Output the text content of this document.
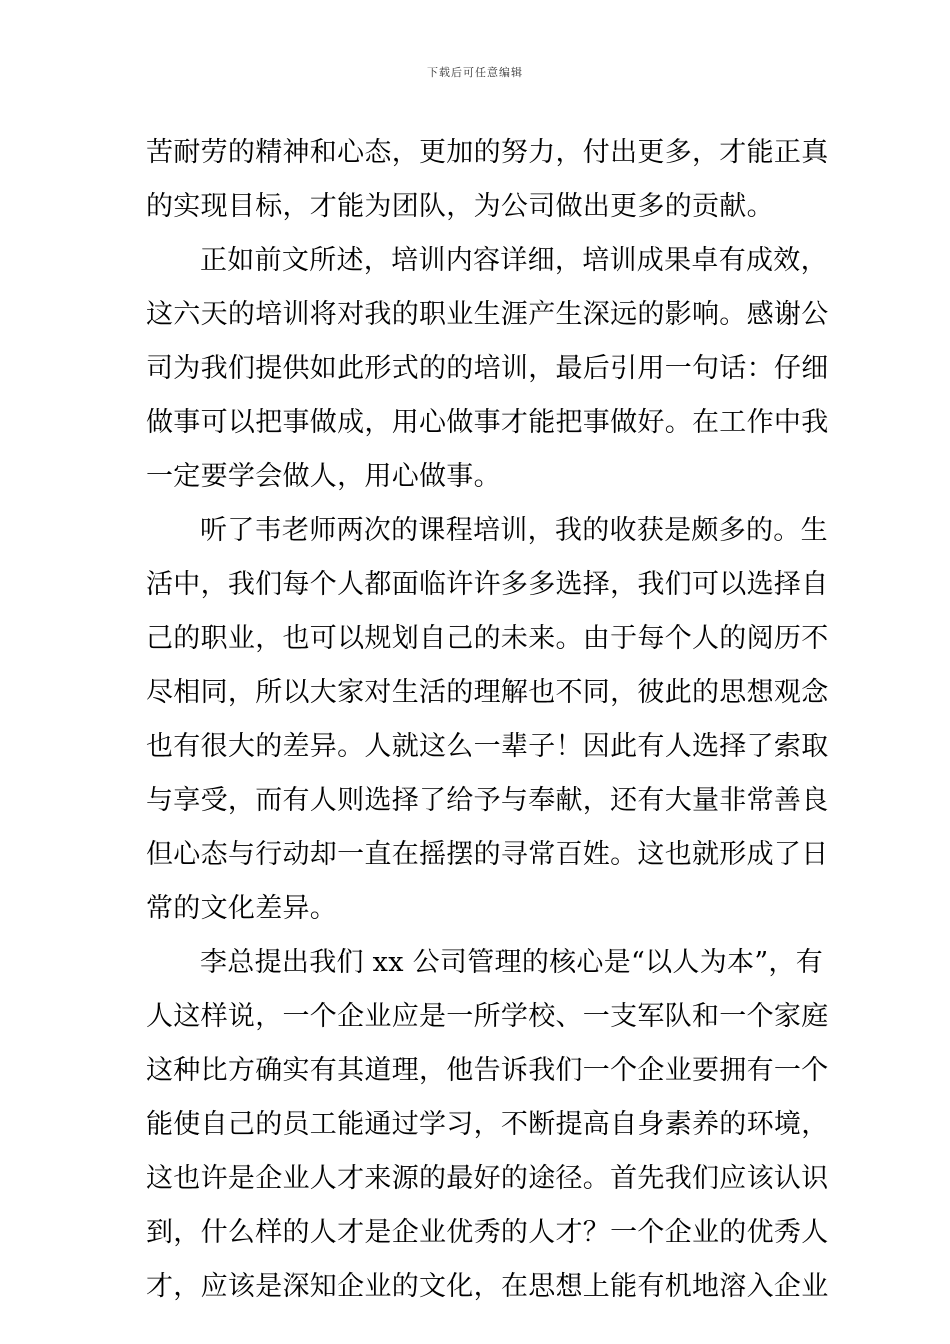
下载后可任意编辑
苦耐劳的精神和心态，更加的努力，付出更多，才能正真
的实现目标，才能为团队，为公司做出更多的贡献。
正如前文所述，培训内容详细，培训成果卓有成效，
这六天的培训将对我的职业生涯产生深远的影响。感谢公
司为我们提供如此形式的的培训，最后引用一句话：仔细
做事可以把事做成，用心做事才能把事做好。在工作中我
一定要学会做人，用心做事。
听了韦老师两次的课程培训，我的收获是颇多的。生
活中，我们每个人都面临许许多多选择，我们可以选择自
己的职业，也可以规划自己的未来。由于每个人的阅历不
尽相同，所以大家对生活的理解也不同，彼此的思想观念
也有很大的差异。人就这么一辈子！因此有人选择了索取
与享受，而有人则选择了给予与奉献，还有大量非常善良
但心态与行动却一直在摇摆的寻常百姓。这也就形成了日
常的文化差异。
李总提出我们 xx 公司管理的核心是“以人为本”，有
人这样说，一个企业应是一所学校、一支军队和一个家庭
这种比方确实有其道理，他告诉我们一个企业要拥有一个
能使自己的员工能通过学习，不断提高自身素养的环境，
这也许是企业人才来源的最好的途径。首先我们应该认识
到，什么样的人才是企业优秀的人才？一个企业的优秀人
才，应该是深知企业的文化，在思想上能有机地溶入企业
